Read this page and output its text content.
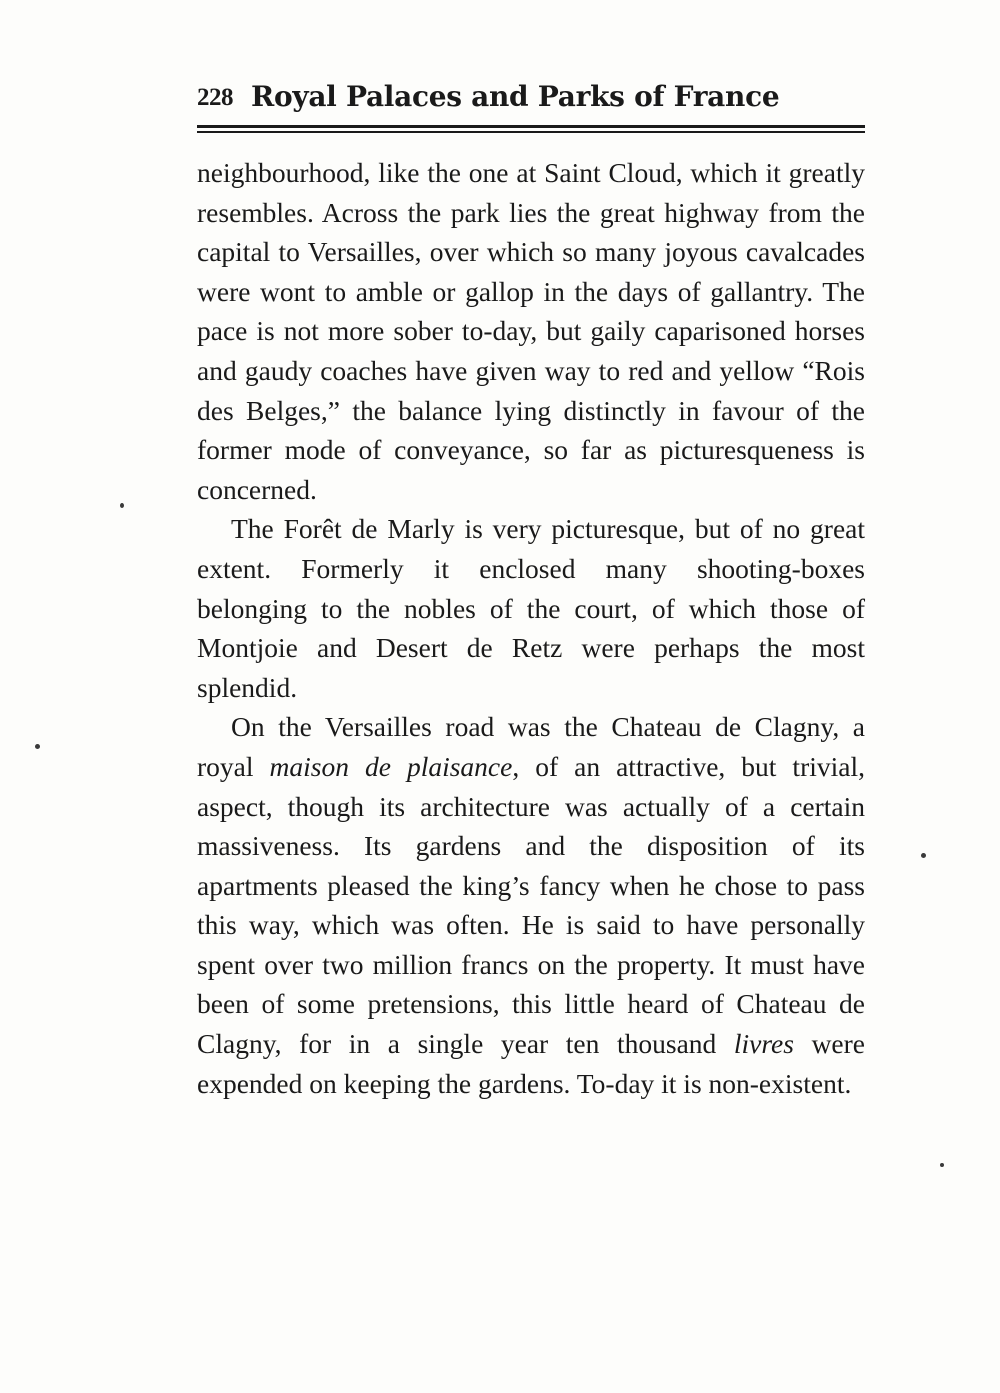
228 Royal Palaces and Parks of France

neighbourhood, like the one at Saint Cloud, which it greatly resembles. Across the park lies the great highway from the capital to Versailles, over which so many joyous cavalcades were wont to amble or gallop in the days of gallantry. The pace is not more sober to-day, but gaily caparisoned horses and gaudy coaches have given way to red and yellow “Rois des Belges,” the balance lying distinctly in favour of the former mode of conveyance, so far as picturesqueness is concerned.

The Forêt de Marly is very picturesque, but of no great extent. Formerly it enclosed many shooting-boxes belonging to the nobles of the court, of which those of Montjoie and Desert de Retz were perhaps the most splendid.

On the Versailles road was the Chateau de Clagny, a royal maison de plaisance, of an attractive, but trivial, aspect, though its architecture was actually of a certain massiveness. Its gardens and the disposition of its apartments pleased the king’s fancy when he chose to pass this way, which was often. He is said to have personally spent over two million francs on the property. It must have been of some pretensions, this little heard of Chateau de Clagny, for in a single year ten thousand livres were expended on keeping the gardens. To-day it is non-existent.
